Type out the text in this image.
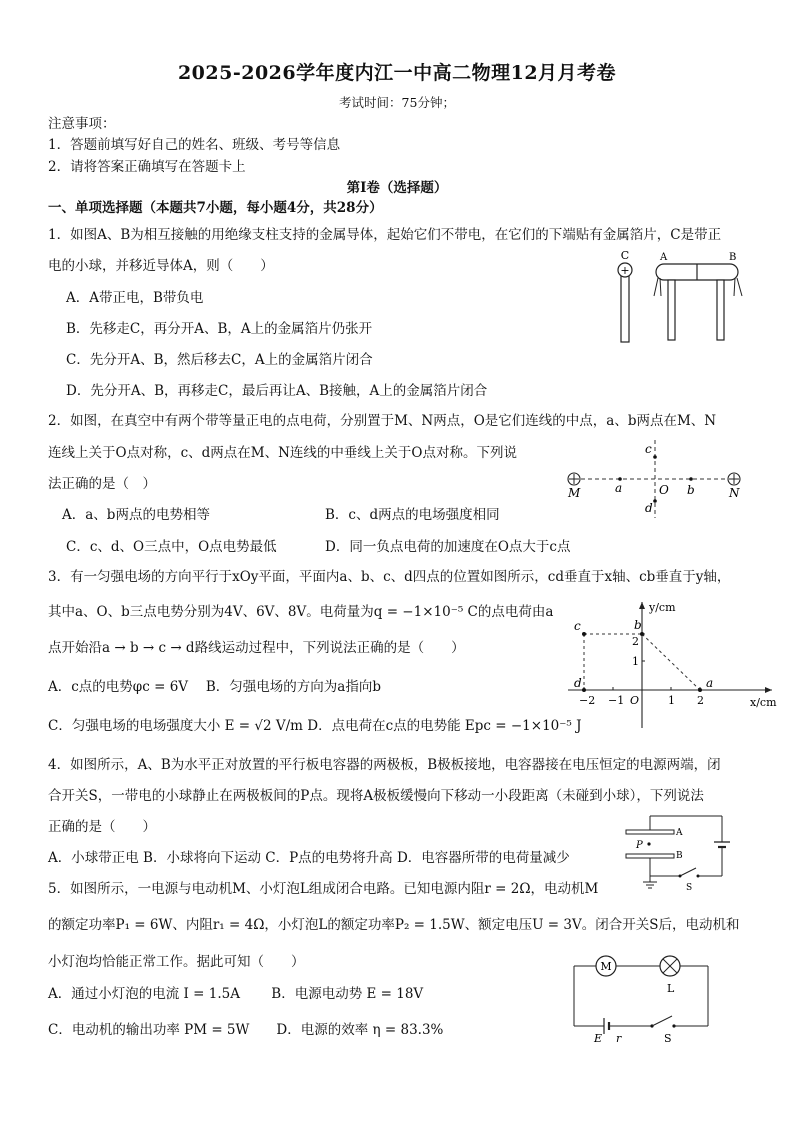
2025-2026学年度内江一中高二物理12月月考卷
考试时间：75分钟；
注意事项：
1．答题前填写好自己的姓名、班级、考号等信息
2．请将答案正确填写在答题卡上
第I卷（选择题）
一、单项选择题（本题共7小题，每小题4分，共28分）
1．如图A、B为相互接触的用绝缘支柱支持的金属导体，起始它们不带电，在它们的下端贴有金属箔片，C是带正
电的小球，并移近导体A，则（　　）
A．A带正电，B带负电
B．先移走C，再分开A、B，A上的金属箔片仍张开
C．先分开A、B，然后移去C，A上的金属箔片闭合
D．先分开A、B，再移走C，最后再让A、B接触，A上的金属箔片闭合
+
C	A	B
2．如图，在真空中有两个带等量正电的点电荷，分别置于M、N两点，O是它们连线的中点，a、b两点在M、N
连线上关于O点对称，c、d两点在M、N连线的中垂线上关于O点对称。下列说
法正确的是（　）
A．a、b两点的电势相等	B．c、d两点的电场强度相同
C．c、d、O三点中，O点电势最低	D．同一负点电荷的加速度在O点大于c点
M	N
a	b
O
c
d
3．有一匀强电场的方向平行于xOy平面，平面内a、b、c、d四点的位置如图所示，cd垂直于x轴、cb垂直于y轴，
其中a、O、b三点电势分别为4V、6V、8V。电荷量为q = −1×10⁻⁵ C的点电荷由a
点开始沿a → b → c → d路线运动过程中，下列说法正确的是（　　）
A．c点的电势φc = 6V　 B．匀强电场的方向为a指向b
C．匀强电场的电场强度大小 E = √2 V/m D．点电荷在c点的电势能 Epc = −1×10⁻⁵ J
y/cm
x/cm
O
−2 −1	1 2
1
2
c	b
d	a
4．如图所示，A、B为水平正对放置的平行板电容器的两极板，B极板接地，电容器接在电压恒定的电源两端，闭
合开关S，一带电的小球静止在两极板间的P点。现将A极板缓慢向下移动一小段距离（未碰到小球），下列说法
正确的是（　　）
A．小球带正电 B．小球将向下运动 C．P点的电势将升高 D．电容器所带的电荷量减少
A
B
P
S
5．如图所示，一电源与电动机M、小灯泡L组成闭合电路。已知电源内阻r = 2Ω，电动机M
的额定功率P₁ = 6W、内阻r₁ = 4Ω，小灯泡L的额定功率P₂ = 1.5W、额定电压U = 3V。闭合开关S后，电动机和
小灯泡均恰能正常工作。据此可知（　　）
A．通过小灯泡的电流 I = 1.5A　　 B．电源电动势 E = 18V
C．电动机的输出功率 PM = 5W　　D．电源的效率 η = 83.3%
M
L
E r	S
